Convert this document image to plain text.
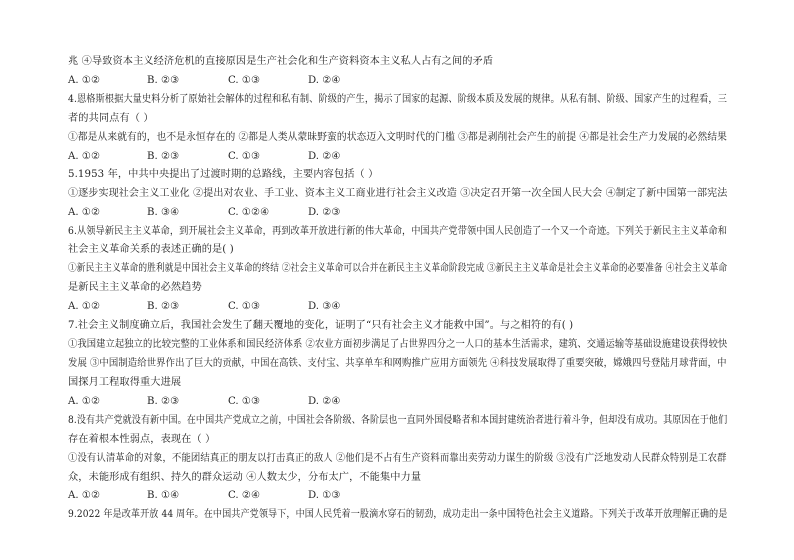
兆 ④导致资本主义经济危机的直接原因是生产社会化和生产资料资本主义私人占有之间的矛盾
A. ①②	B. ②③	C. ①③	D. ②④
4.恩格斯根据大量史料分析了原始社会解体的过程和私有制、阶级的产生，揭示了国家的起源、阶级本质及发展的规律。从私有制、阶级、国家产生的过程看，三
者的共同点有（ ）
①都是从来就有的，也不是永恒存在的 ②都是人类从蒙昧野蛮的状态迈入文明时代的门槛 ③都是剥削社会产生的前提 ④都是社会生产力发展的必然结果
A. ①②	B. ②③	C. ①③	D. ②④
5.1953 年，中共中央提出了过渡时期的总路线，主要内容包括（ ）
①逐步实现社会主义工业化 ②提出对农业、手工业、资本主义工商业进行社会主义改造 ③决定召开第一次全国人民大会 ④制定了新中国第一部宪法
A. ①②	B. ③④	C. ①②④	D. ②③
6.从领导新民主主义革命，到开展社会主义革命，再到改革开放进行新的伟大革命，中国共产党带领中国人民创造了一个又一个奇迹。下列关于新民主主义革命和
社会主义革命关系的表述正确的是( )
①新民主主义革命的胜利就是中国社会主义革命的终结 ②社会主义革命可以合并在新民主主义革命阶段完成 ③新民主主义革命是社会主义革命的必要准备 ④社会主义革命
是新民主主义革命的必然趋势
A. ①②	B. ②③	C. ①③	D. ③④
7.社会主义制度确立后，我国社会发生了翻天覆地的变化，证明了“只有社会主义才能救中国”。与之相符的有( )
①我国建立起独立的比较完整的工业体系和国民经济体系 ②农业方面初步满足了占世界四分之一人口的基本生活需求，建筑、交通运输等基础设施建设获得较快
发展 ③中国制造给世界作出了巨大的贡献，中国在高铁、支付宝、共享单车和网购推广应用方面领先 ④科技发展取得了重要突破，嫦娥四号登陆月球背面，中
国探月工程取得重大进展
A. ①②	B. ②③	C. ①③	D. ②④
8.没有共产党就没有新中国。在中国共产党成立之前，中国社会各阶级、各阶层也一直同外国侵略者和本国封建统治者进行着斗争，但却没有成功。其原因在于他们
存在着根本性弱点，表现在（ ）
①没有认清革命的对象，不能团结真正的朋友以打击真正的敌人 ②他们是不占有生产资料而靠出卖劳动力谋生的阶级 ③没有广泛地发动人民群众特别是工农群
众，未能形成有组织、持久的群众运动 ④人数太少，分布太广，不能集中力量
A. ①②	B. ①④	C. ②④	D. ①③
9.2022 年是改革开放 44 周年。在中国共产党领导下，中国人民凭着一股滴水穿石的韧劲，成功走出一条中国特色社会主义道路。下列关于改革开放理解正确的是
